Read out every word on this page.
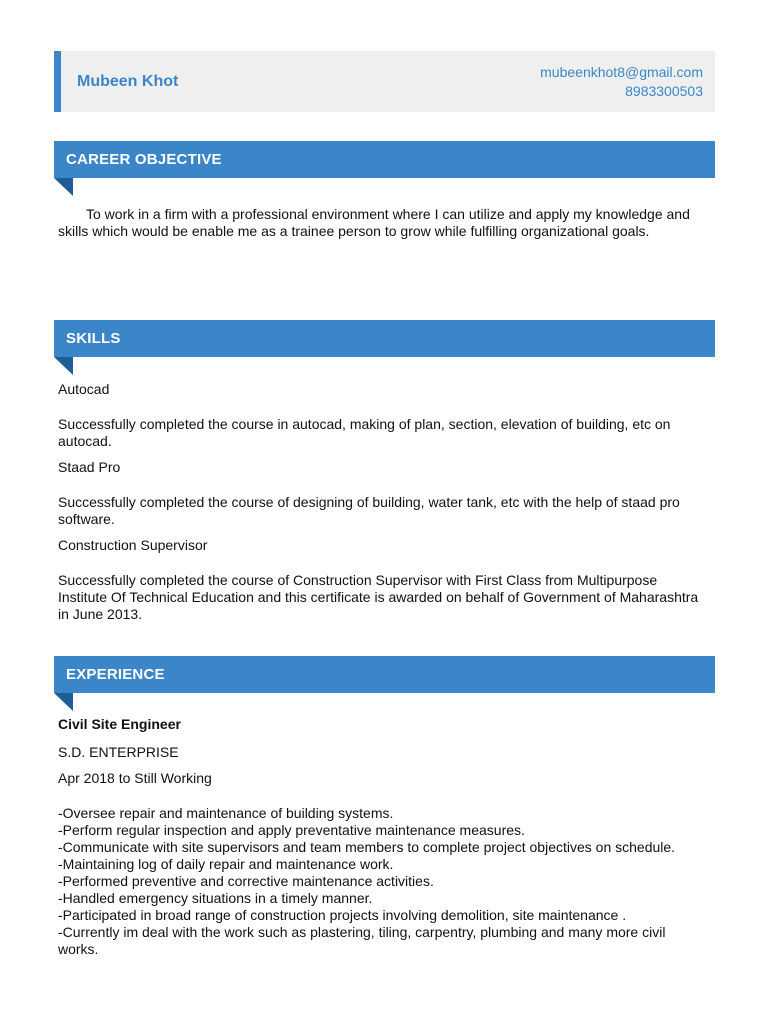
Mubeen Khot
mubeenkhot8@gmail.com
8983300503
CAREER OBJECTIVE
To work in a firm with a professional environment where I can utilize and apply my knowledge and skills which would be enable me as a trainee person to grow while fulfilling organizational goals.
SKILLS
Autocad
Successfully completed the course in autocad, making of plan, section, elevation of building, etc on autocad.
Staad Pro
Successfully completed the course of designing of building, water tank, etc with the help of staad pro software.
Construction Supervisor
Successfully completed the course of Construction Supervisor with First Class from Multipurpose Institute Of Technical Education and this certificate is awarded on behalf of Government of Maharashtra in June 2013.
EXPERIENCE
Civil Site Engineer
S.D. ENTERPRISE
Apr 2018 to Still Working
-Oversee repair and maintenance of building systems.
-Perform regular inspection and apply preventative maintenance measures.
-Communicate with site supervisors and team members to complete project objectives on schedule.
-Maintaining log of daily repair and maintenance work.
-Performed preventive and corrective maintenance activities.
-Handled emergency situations in a timely manner.
-Participated in broad range of construction projects involving demolition, site maintenance .
-Currently im deal with the work such as plastering, tiling, carpentry, plumbing and many more civil works.
